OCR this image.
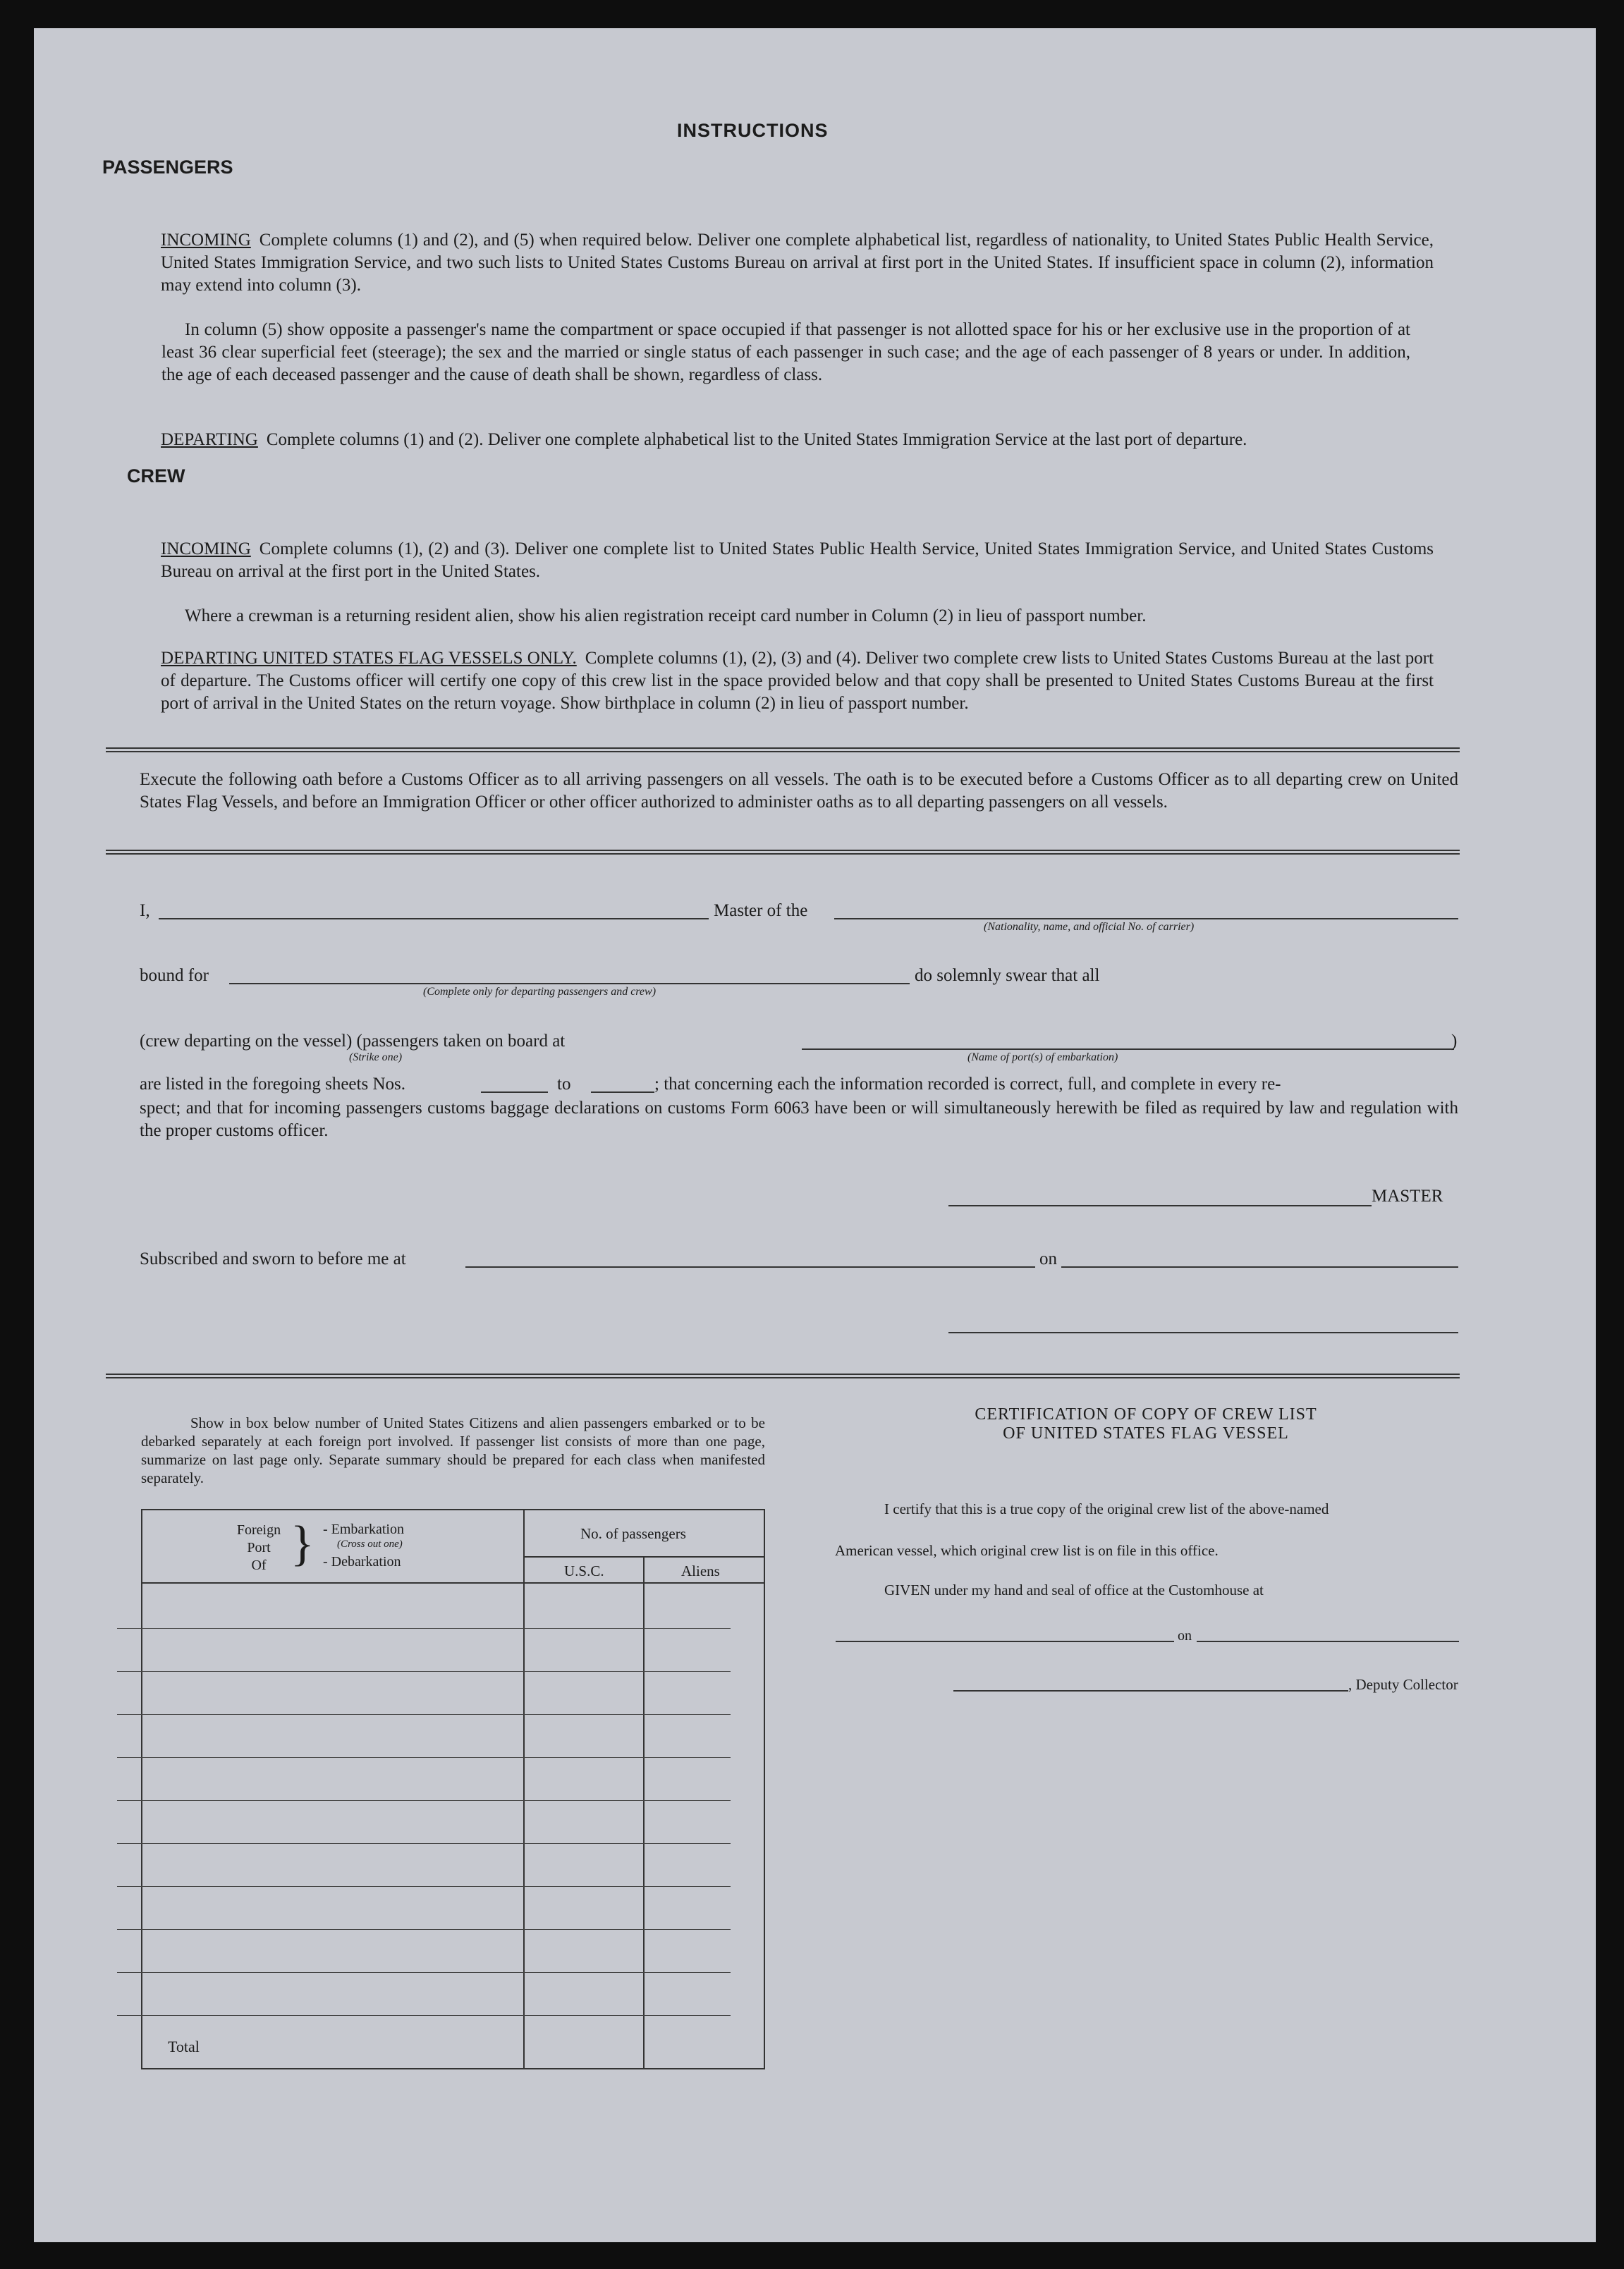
INSTRUCTIONS
PASSENGERS
INCOMING Complete columns (1) and (2), and (5) when required below. Deliver one complete alphabetical list, regardless of nationality, to United States Public Health Service, United States Immigration Service, and two such lists to United States Customs Bureau on arrival at first port in the United States. If insufficient space in column (2), information may extend into column (3).
In column (5) show opposite a passenger's name the compartment or space occupied if that passenger is not allotted space for his or her exclusive use in the proportion of at least 36 clear superficial feet (steerage); the sex and the married or single status of each passenger in such case; and the age of each passenger of 8 years or under. In addition, the age of each deceased passenger and the cause of death shall be shown, regardless of class.
DEPARTING Complete columns (1) and (2). Deliver one complete alphabetical list to the United States Immigration Service at the last port of departure.
CREW
INCOMING Complete columns (1), (2) and (3). Deliver one complete list to United States Public Health Service, United States Immigration Service, and United States Customs Bureau on arrival at the first port in the United States.
Where a crewman is a returning resident alien, show his alien registration receipt card number in Column (2) in lieu of passport number.
DEPARTING UNITED STATES FLAG VESSELS ONLY. Complete columns (1), (2), (3) and (4). Deliver two complete crew lists to United States Customs Bureau at the last port of departure. The Customs officer will certify one copy of this crew list in the space provided below and that copy shall be presented to United States Customs Bureau at the first port of arrival in the United States on the return voyage. Show birthplace in column (2) in lieu of passport number.
Execute the following oath before a Customs Officer as to all arriving passengers on all vessels. The oath is to be executed before a Customs Officer as to all departing crew on United States Flag Vessels, and before an Immigration Officer or other officer authorized to administer oaths as to all departing passengers on all vessels.
I,	Master of the
(Nationality, name, and official No. of carrier)
bound for
(Complete only for departing passengers and crew)
do solemnly swear that all
(crew departing on the vessel) (passengers taken on board at
(Strike one)
)
(Name of port(s) of embarkation)
are listed in the foregoing sheets Nos.	to	; that concerning each the information recorded is correct, full, and complete in every re-
spect; and that for incoming passengers customs baggage declarations on customs Form 6063 have been or will simultaneously herewith be filed as required by law and regulation with the proper customs officer.
MASTER
Subscribed and sworn to before me at	on
Show in box below number of United States Citizens and alien passengers embarked or to be debarked separately at each foreign port involved. If passenger list consists of more than one page, summarize on last page only. Separate summary should be prepared for each class when manifested separately.
Foreign
Port
Of } - Embarkation
(Cross out one)
- Debarkation
No. of passengers
U.S.C.	Aliens
Total
CERTIFICATION OF COPY OF CREW LIST
OF UNITED STATES FLAG VESSEL
I certify that this is a true copy of the original crew list of the above-named
American vessel, which original crew list is on file in this office.
GIVEN under my hand and seal of office at the Customhouse at
on
, Deputy Collector
